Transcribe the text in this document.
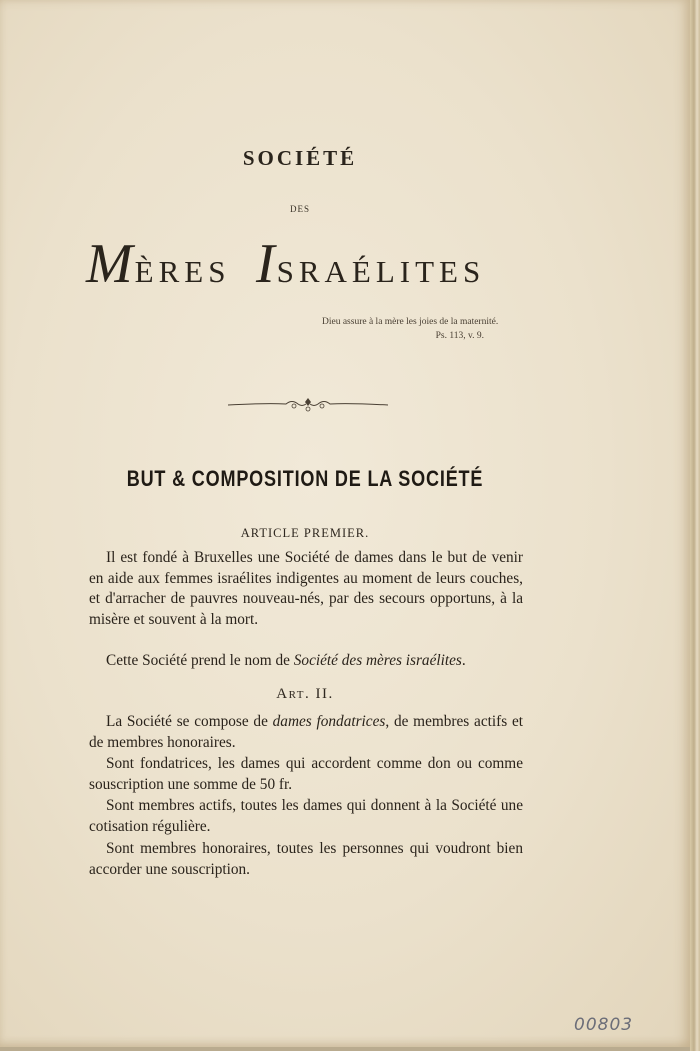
SOCIÉTÉ
DES
MÈRES ISRAÉLITES
Dieu assure à la mère les joies de la maternité.
Ps. 113, v. 9.
BUT & COMPOSITION DE LA SOCIÉTÉ
ARTICLE PREMIER.
Il est fondé à Bruxelles une Société de dames dans le but de venir en aide aux femmes israélites indigentes au moment de leurs couches, et d'arracher de pauvres nouveau-nés, par des secours opportuns, à la misère et souvent à la mort.
Cette Société prend le nom de Société des mères israélites.
Art. II.
La Société se compose de dames fondatrices, de membres actifs et de membres honoraires.
Sont fondatrices, les dames qui accordent comme don ou comme souscription une somme de 50 fr.
Sont membres actifs, toutes les dames qui donnent à la Société une cotisation régulière.
Sont membres honoraires, toutes les personnes qui voudront bien accorder une souscription.
00803
